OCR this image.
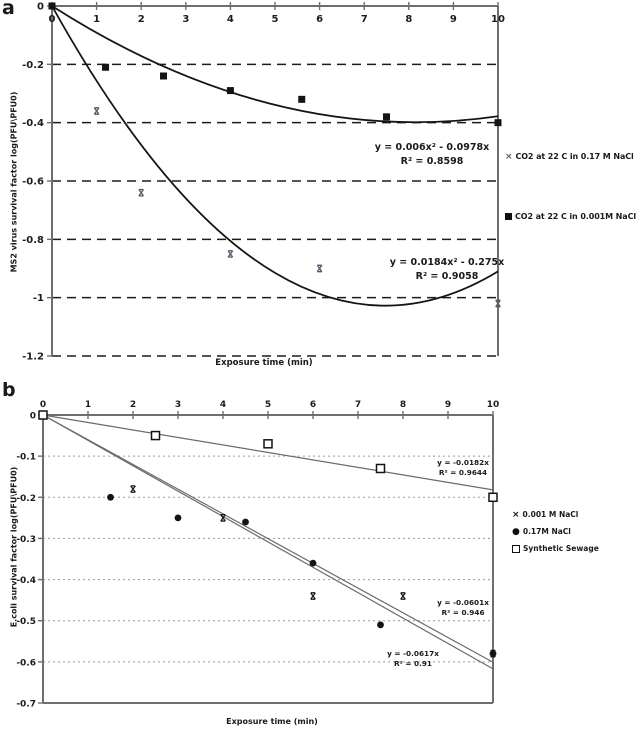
0	1	2	3	4	5	6	7	8	9	10
0
-0.2
-0.4
-0.6
-0.8
-1
-1.2
0	1	2	3	4	5	6	7	8	9	10
0
-0.1
-0.2
-0.3
-0.4
-0.5
-0.6
-0.7
a
b
MS2 virus survival factor log(PFU\PFU0)
Exposure time (min)
E.coli survival factor log(PFU\PFU0)
Exposure time (min)
y = 0.006x² - 0.0978x
R² = 0.8598
y = 0.0184x² - 0.275x
R² = 0.9058
y = -0.0182x
R² = 0.9644
y = -0.0601x
R² = 0.946
y = -0.0617x
R² = 0.91
× CO2 at 22 C in 0.17 M NaCl
CO2 at 22 C in 0.001M NaCl
× 0.001 M NaCl
● 0.17M NaCl
Synthetic Sewage
